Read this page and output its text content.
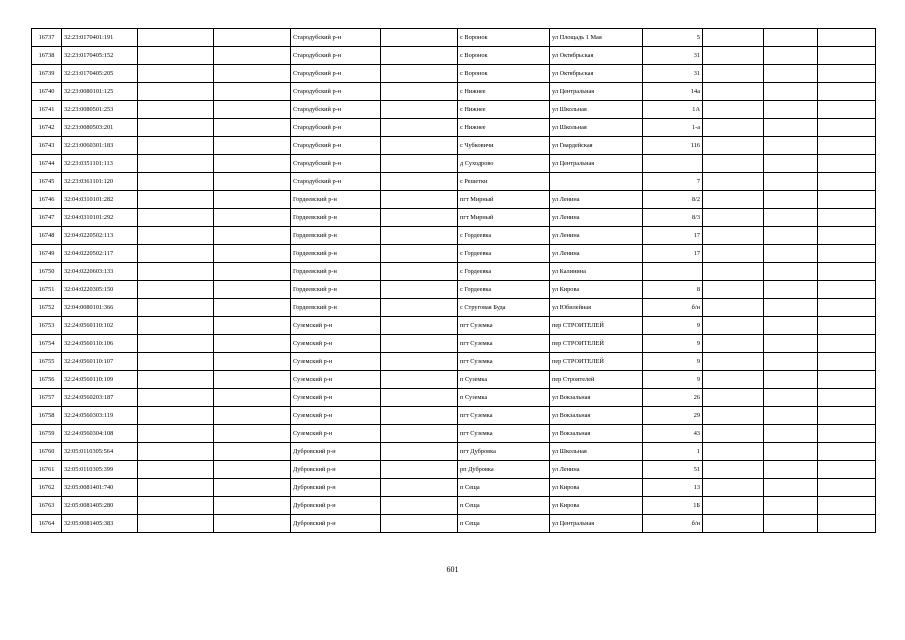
16737	32:23:0170401:191			Стародубский р-н		с Воронок	ул Площадь 1 Мая	5			
16738	32:23:0170405:152			Стародубский р-н		с Воронок	ул Октябрьская	31			
16739	32:23:0170405:205			Стародубский р-н		с Воронок	ул Октябрьская	31			
16740	32:23:0080101:125			Стародубский р-н		с Нижнее	ул Центральная	14а			
16741	32:23:0080501:253			Стародубский р-н		с Нижнее	ул Школьная	1А			
16742	32:23:0080503:201			Стародубский р-н		с Нижнее	ул Школьная	1-а			
16743	32:23:0060301:183			Стародубский р-н		с Чубковичи	ул Гвардейская	116			
16744	32:23:0351101:113			Стародубский р-н		д Суходрово	ул Центральная				
16745	32:23:0361101:120			Стародубский р-н		с Решетки		7			
16746	32:04:0310101:282			Гордеевский р-н		пгт Мирный	ул Ленина	8/2			
16747	32:04:0310101:292			Гордеевский р-н		пгт Мирный	ул Ленина	8/3			
16748	32:04:0220502:113			Гордеевский р-н		с Гордеевка	ул Ленина	17			
16749	32:04:0220502:117			Гордеевский р-н		с Гордеевка	ул Ленина	17			
16750	32:04:0220603:133			Гордеевский р-н		с Гордеевка	ул Калинина				
16751	32:04:0220305:150			Гордеевский р-н		с Гордеевка	ул Кирова	8			
16752	32:04:0080101:366			Гордеевский р-н		с Струговая Буда	ул Юбилейная	б/н			
16753	32:24:0560110:102			Суземский р-н		пгт Суземка	пер СТРОИТЕЛЕЙ	9			
16754	32:24:0560110:106			Суземский р-н		пгт Суземка	пер СТРОИТЕЛЕЙ	9			
16755	32:24:0560110:107			Суземский р-н		пгт Суземка	пер СТРОИТЕЛЕЙ	9			
16756	32:24:0560110:109			Суземский р-н		п Суземка	пер Строителей	9			
16757	32:24:0560203:187			Суземский р-н		п Суземка	ул Вокзальная	26			
16758	32:24:0560303:119			Суземский р-н		пгт Суземка	ул Вокзальная	29			
16759	32:24:0560304:108			Суземский р-н		пгт Суземка	ул Вокзальная	43			
16760	32:05:0110305:564			Дубровский р-н		пгт Дубровка	ул Школьная	1			
16761	32:05:0110305:399			Дубровский р-н		рп Дубровка	ул Ленина	51			
16762	32:05:0081401:740			Дубровский р-н		п Сеща	ул Кирова	13			
16763	32:05:0081405:280			Дубровский р-н		п Сеща	ул Кирова	1Б			
16764	32:05:0081405:383			Дубровский р-н		п Сеща	ул Центральная	б/н			
601
